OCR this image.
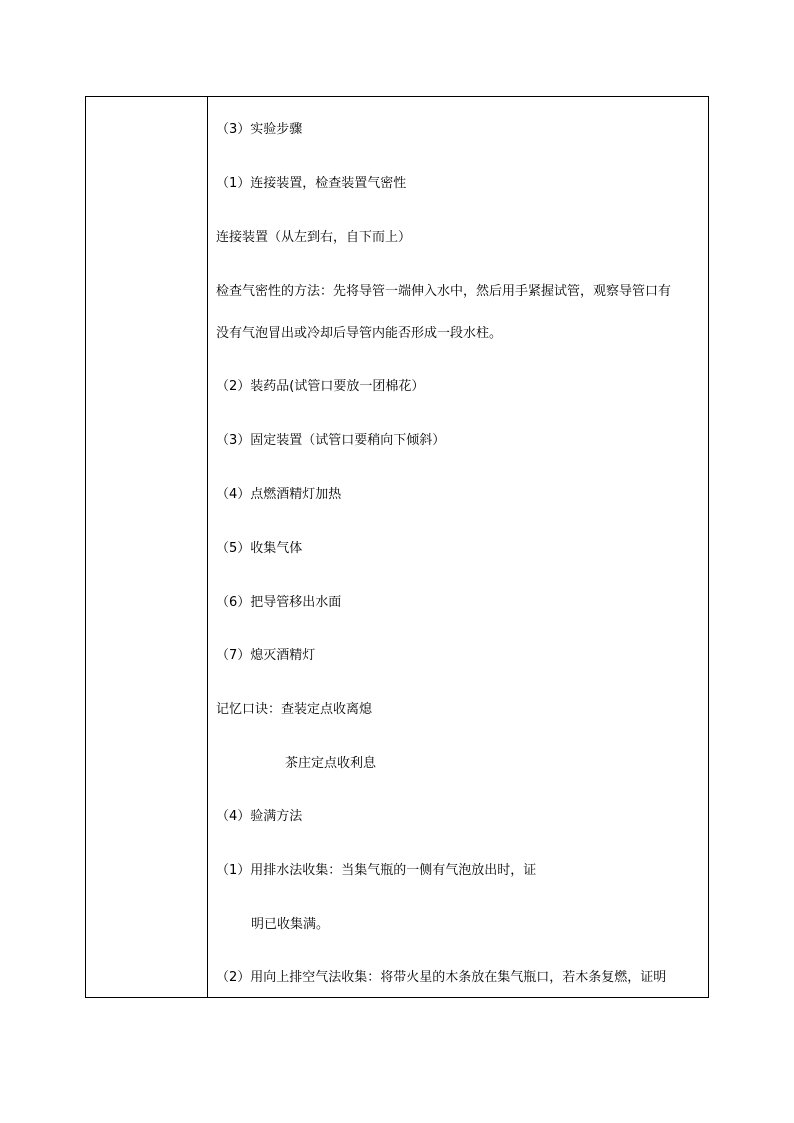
（3）实验步骤
（1）连接装置，检查装置气密性
连接装置（从左到右，自下而上）
检查气密性的方法：先将导管一端伸入水中，然后用手紧握试管，观察导管口有
没有气泡冒出或冷却后导管内能否形成一段水柱。
（2）装药品(试管口要放一团棉花）
（3）固定装置（试管口要稍向下倾斜）
（4）点燃酒精灯加热
（5）收集气体
（6）把导管移出水面
（7）熄灭酒精灯
记忆口诀：查装定点收离熄
茶庄定点收利息
（4）验满方法
（1）用排水法收集：当集气瓶的一侧有气泡放出时，证
明已收集满。
（2）用向上排空气法收集：将带火星的木条放在集气瓶口，若木条复燃，证明
